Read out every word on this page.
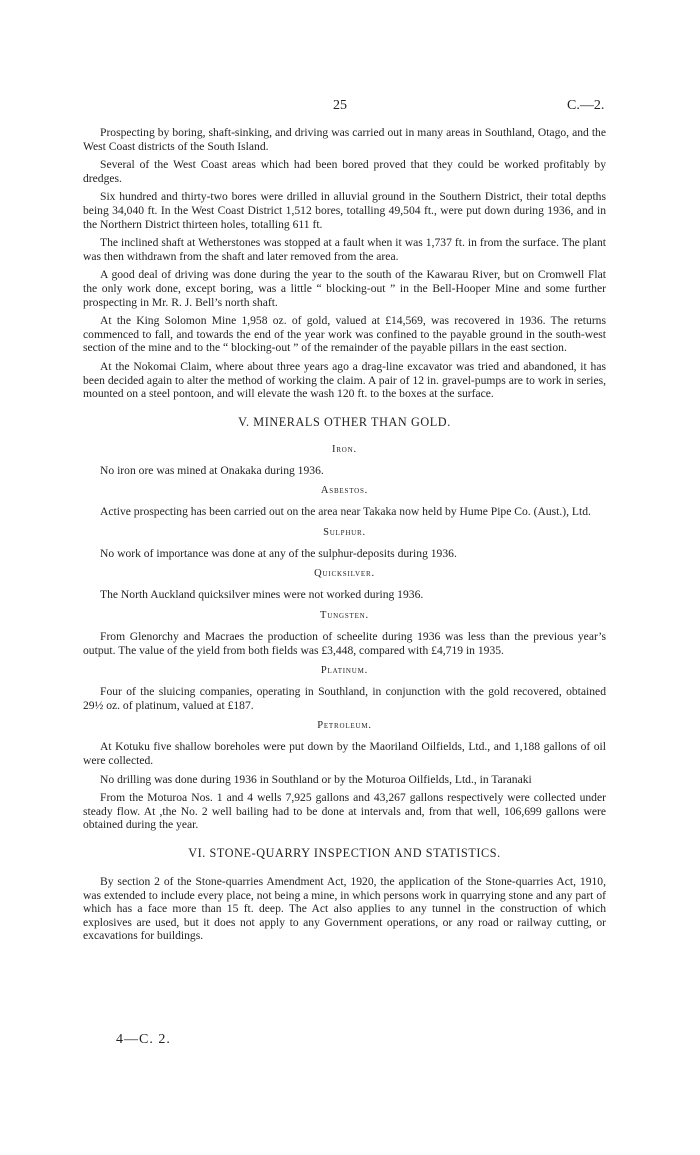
25	C.—2.

Prospecting by boring, shaft-sinking, and driving was carried out in many areas in Southland, Otago, and the West Coast districts of the South Island.

Several of the West Coast areas which had been bored proved that they could be worked profitably by dredges.

Six hundred and thirty-two bores were drilled in alluvial ground in the Southern District, their total depths being 34,040 ft. In the West Coast District 1,512 bores, totalling 49,504 ft., were put down during 1936, and in the Northern District thirteen holes, totalling 611 ft.

The inclined shaft at Wetherstones was stopped at a fault when it was 1,737 ft. in from the surface. The plant was then withdrawn from the shaft and later removed from the area.

A good deal of driving was done during the year to the south of the Kawarau River, but on Cromwell Flat the only work done, except boring, was a little “ blocking-out ” in the Bell-Hooper Mine and some further prospecting in Mr. R. J. Bell’s north shaft.

At the King Solomon Mine 1,958 oz. of gold, valued at £14,569, was recovered in 1936. The returns commenced to fall, and towards the end of the year work was confined to the payable ground in the south-west section of the mine and to the “ blocking-out ” of the remainder of the payable pillars in the east section.

At the Nokomai Claim, where about three years ago a drag-line excavator was tried and abandoned, it has been decided again to alter the method of working the claim. A pair of 12 in. gravel-pumps are to work in series, mounted on a steel pontoon, and will elevate the wash 120 ft. to the boxes at the surface.

V. MINERALS OTHER THAN GOLD.
Iron.

No iron ore was mined at Onakaka during 1936.

Asbestos.

Active prospecting has been carried out on the area near Takaka now held by Hume Pipe Co. (Aust.), Ltd.

Sulphur.

No work of importance was done at any of the sulphur-deposits during 1936.

Quicksilver.

The North Auckland quicksilver mines were not worked during 1936.

Tungsten.

From Glenorchy and Macraes the production of scheelite during 1936 was less than the previous year’s output. The value of the yield from both fields was £3,448, compared with £4,719 in 1935.

Platinum.

Four of the sluicing companies, operating in Southland, in conjunction with the gold recovered, obtained 29½ oz. of platinum, valued at £187.

Petroleum.

At Kotuku five shallow boreholes were put down by the Maoriland Oilfields, Ltd., and 1,188 gallons of oil were collected.

No drilling was done during 1936 in Southland or by the Moturoa Oilfields, Ltd., in Taranaki

From the Moturoa Nos. 1 and 4 wells 7,925 gallons and 43,267 gallons respectively were collected under steady flow. At ,the No. 2 well bailing had to be done at intervals and, from that well, 106,699 gallons were obtained during the year.

VI. STONE-QUARRY INSPECTION AND STATISTICS.

By section 2 of the Stone-quarries Amendment Act, 1920, the application of the Stone-quarries Act, 1910, was extended to include every place, not being a mine, in which persons work in quarrying stone and any part of which has a face more than 15 ft. deep. The Act also applies to any tunnel in the construction of which explosives are used, but it does not apply to any Government operations, or any road or railway cutting, or excavations for buildings.

4—C. 2.
